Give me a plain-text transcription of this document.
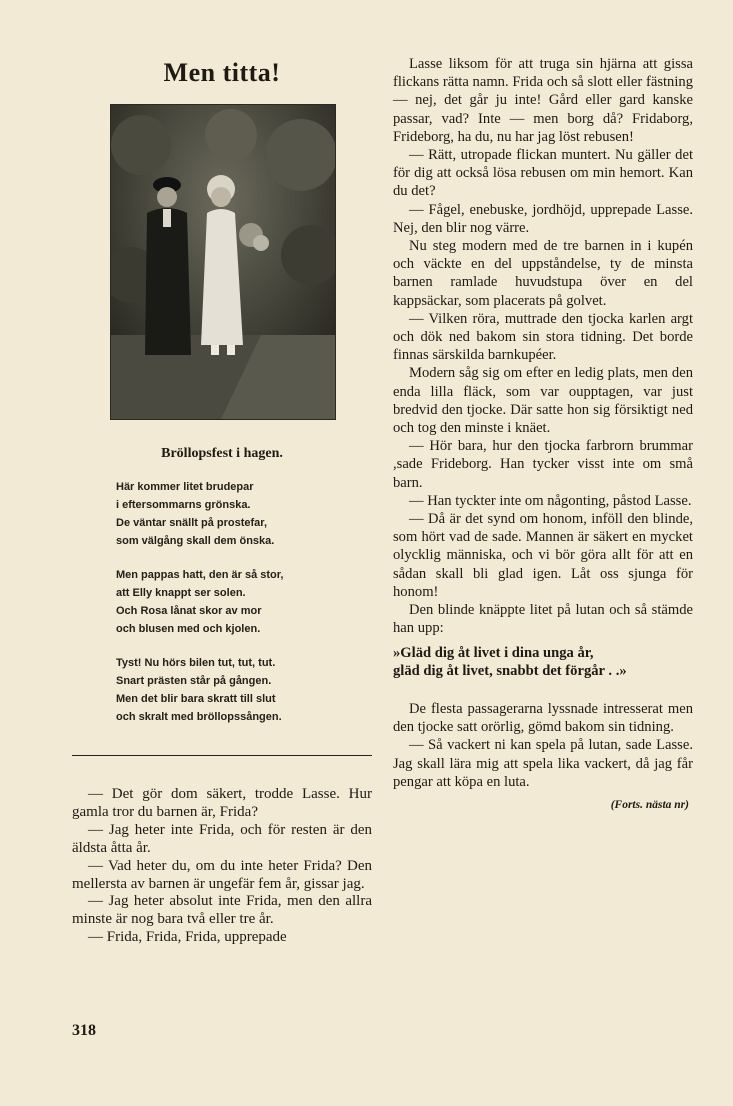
Men titta!
Bröllopsfest i hagen.
Här kommer litet brudepar
i eftersommarns grönska.
De väntar snällt på prostefar,
som välgång skall dem önska.
Men pappas hatt, den är så stor,
att Elly knappt ser solen.
Och Rosa lånat skor av mor
och blusen med och kjolen.
Tyst! Nu hörs bilen tut, tut, tut.
Snart prästen står på gången.
Men det blir bara skratt till slut
och skralt med bröllopssången.

— Det gör dom säkert, trodde Lasse. Hur gamla tror du barnen är, Frida?

— Jag heter inte Frida, och för resten är den äldsta åtta år.

— Vad heter du, om du inte heter Frida? Den mellersta av barnen är ungefär fem år, gissar jag.

— Jag heter absolut inte Frida, men den allra minste är nog bara två eller tre år.

— Frida, Frida, Frida, upprepade

Lasse liksom för att truga sin hjärna att gissa flickans rätta namn. Frida och så slott eller fästning — nej, det går ju inte! Gård eller gard kanske passar, vad? Inte — men borg då? Fridaborg, Frideborg, ha du, nu har jag löst rebusen!

— Rätt, utropade flickan muntert. Nu gäller det för dig att också lösa rebusen om min hemort. Kan du det?

— Fågel, enebuske, jordhöjd, upprepade Lasse. Nej, den blir nog värre.

Nu steg modern med de tre barnen in i kupén och väckte en del uppståndelse, ty de minsta barnen ramlade huvudstupa över en del kappsäckar, som placerats på golvet.

— Vilken röra, muttrade den tjocka karlen argt och dök ned bakom sin stora tidning. Det borde finnas särskilda barnkupéer.

Modern såg sig om efter en ledig plats, men den enda lilla fläck, som var oupptagen, var just bredvid den tjocke. Där satte hon sig försiktigt ned och tog den minste i knäet.

— Hör bara, hur den tjocka farbrorn brummar ,sade Frideborg. Han tycker visst inte om små barn.

— Han tyckter inte om någonting, påstod Lasse.

— Då är det synd om honom, inföll den blinde, som hört vad de sade. Mannen är säkert en mycket olycklig människa, och vi bör göra allt för att en sådan skall bli glad igen. Låt oss sjunga för honom!

Den blinde knäppte litet på lutan och så stämde han upp:

»Gläd dig åt livet i dina unga år,
gläd dig åt livet, snabbt det förgår . .»

De flesta passagerarna lyssnade intresserat men den tjocke satt orörlig, gömd bakom sin tidning.

— Så vackert ni kan spela på lutan, sade Lasse. Jag skall lära mig att spela lika vackert, då jag får pengar att köpa en luta.

(Forts. nästa nr)
318
